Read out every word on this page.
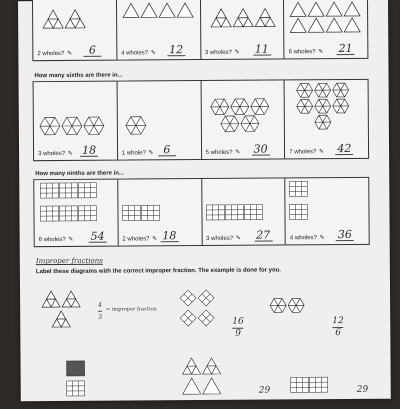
2 wholes? ✎	6	4 wholes? ✎ 12	3 wholes? ✎ 11	6 wholes? ✎ 21
How many sixths are there in...
3 wholes? ✎ 18	1 whole? ✎ 6	5 wholes? ✎ 30	7 wholes? ✎ 42
How many ninths are there in...
6 wholes? ✎ 54	2 wholes? ✎ 18	3 wholes? ✎ 27	4 wholes? ✎ 36
Improper fractions
Label these diagrams with the correct improper fraction. The example is done for you.
4
3
= improper fraction
16
9
12
6
29	29
